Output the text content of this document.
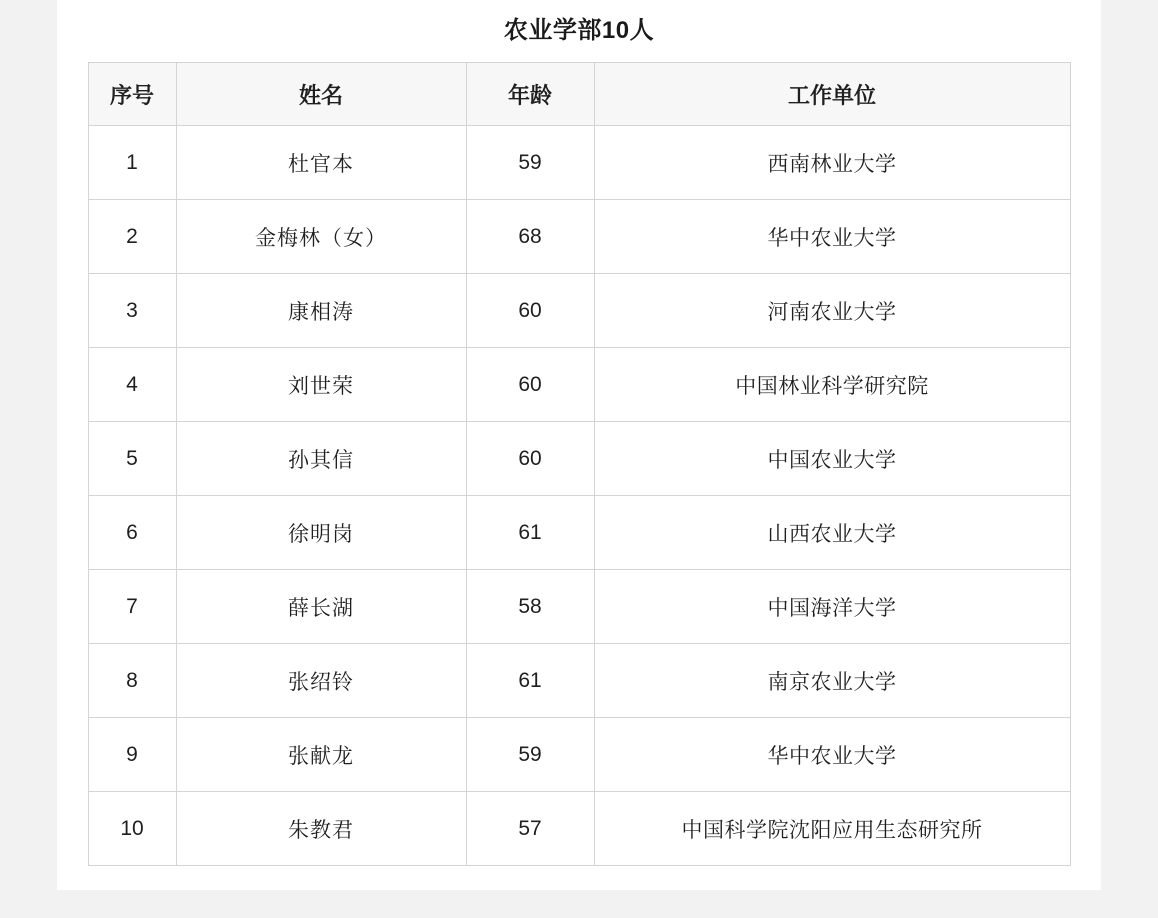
农业学部10人
序号	姓名	年龄	工作单位
1	杜官本	59	西南林业大学
2	金梅林（女）	68	华中农业大学
3	康相涛	60	河南农业大学
4	刘世荣	60	中国林业科学研究院
5	孙其信	60	中国农业大学
6	徐明岗	61	山西农业大学
7	薛长湖	58	中国海洋大学
8	张绍铃	61	南京农业大学
9	张献龙	59	华中农业大学
10	朱教君	57	中国科学院沈阳应用生态研究所
